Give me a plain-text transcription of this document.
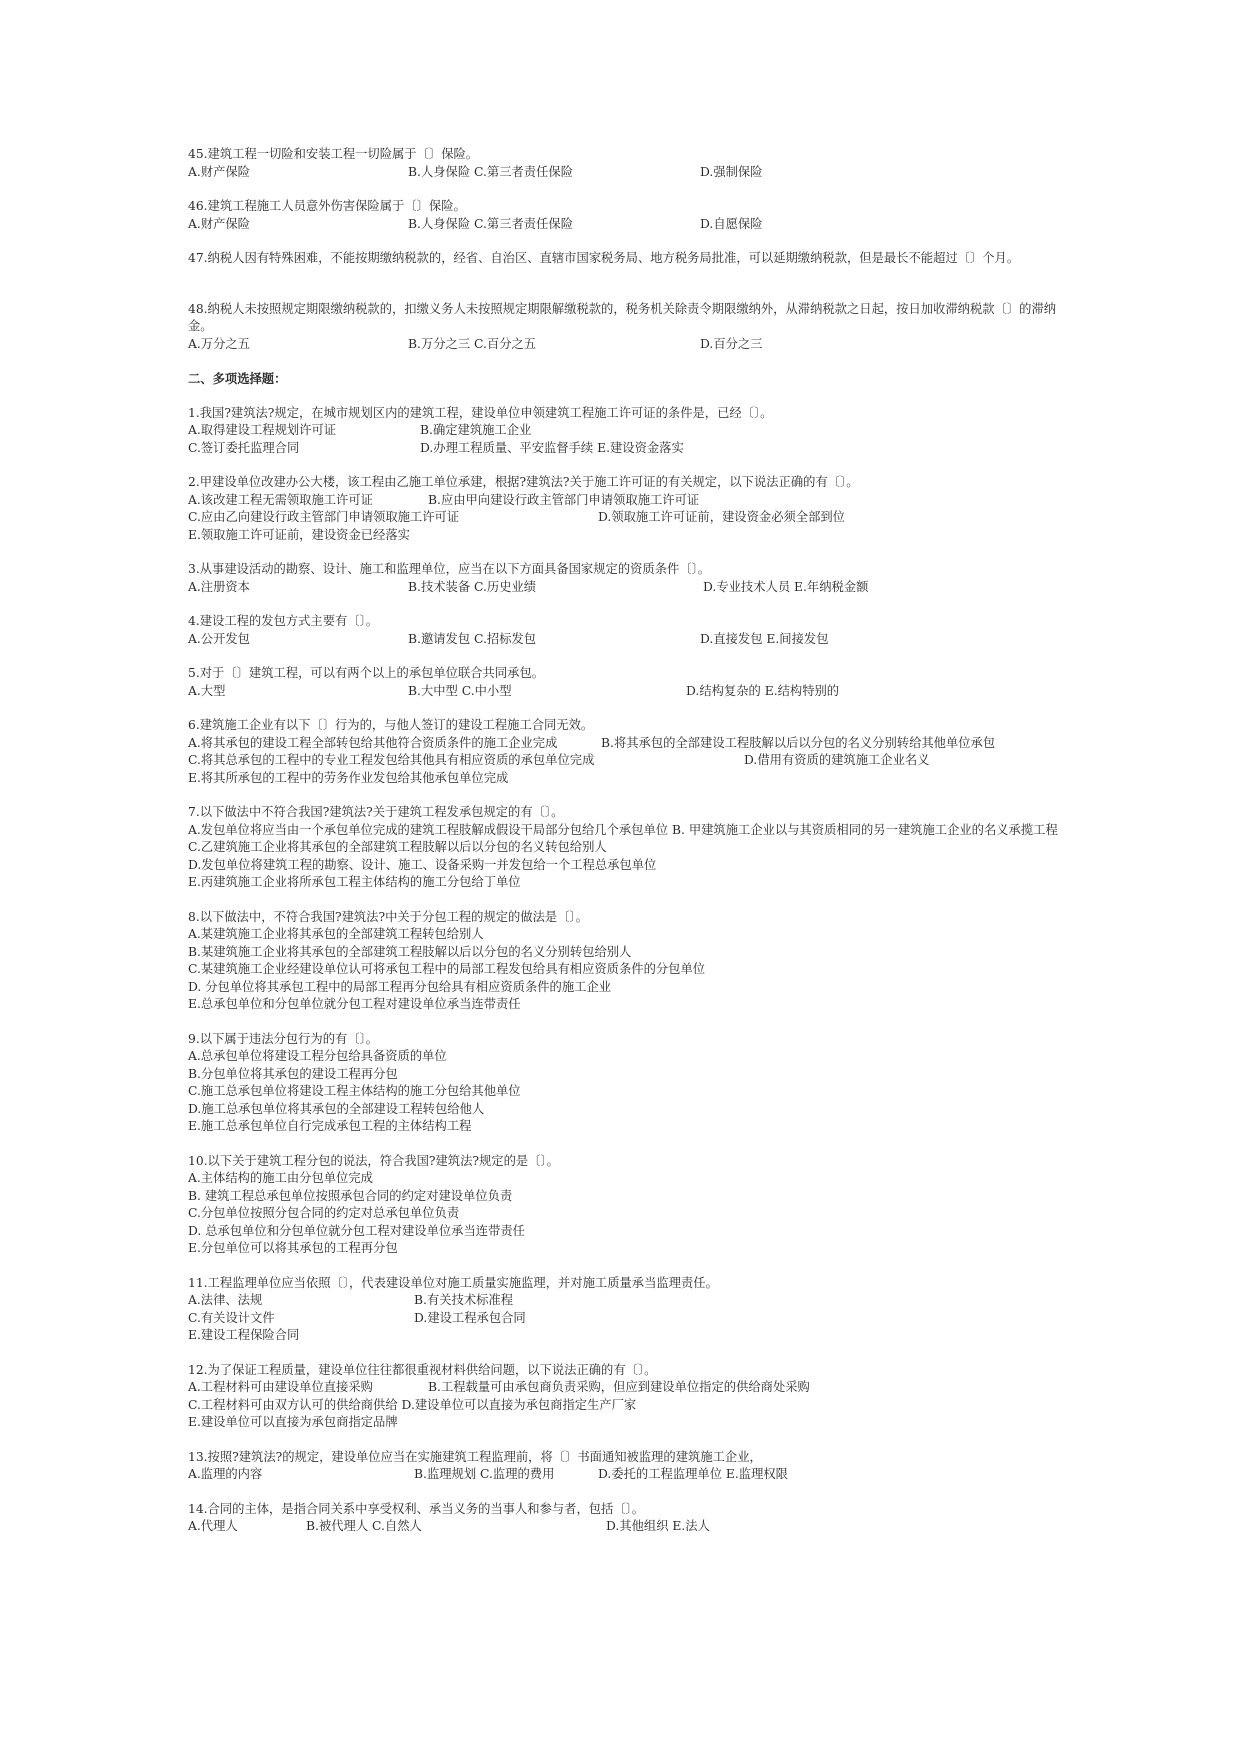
45.建筑工程一切险和安装工程一切险属于〔〕保险。
A.财产保险	B.人身保险 C.第三者责任保险	D.强制保险
46.建筑工程施工人员意外伤害保险属于〔〕保险。
A.财产保险	B.人身保险 C.第三者责任保险	D.自愿保险
47.纳税人因有特殊困难，不能按期缴纳税款的，经省、自治区、直辖市国家税务局、地方税务局批准，可以延期缴纳税款，但是最长不能超过〔〕个月。
48.纳税人未按照规定期限缴纳税款的，扣缴义务人未按照规定期限解缴税款的，税务机关除责令期限缴纳外，从滞纳税款之日起，按日加收滞纳税款〔〕的滞纳金。
A.万分之五	B.万分之三 C.百分之五	D.百分之三
二、多项选择题：
1.我国?建筑法?规定，在城市规划区内的建筑工程，建设单位申领建筑工程施工许可证的条件是，已经〔〕。
A.取得建设工程规划许可证	B.确定建筑施工企业
C.签订委托监理合同	D.办理工程质量、平安监督手续 E.建设资金落实
2.甲建设单位改建办公大楼，该工程由乙施工单位承建，根据?建筑法?关于施工许可证的有关规定，以下说法正确的有〔〕。
A.该改建工程无需领取施工许可证	B.应由甲向建设行政主管部门申请领取施工许可证
C.应由乙向建设行政主管部门申请领取施工许可证	D.领取施工许可证前，建设资金必须全部到位
E.领取施工许可证前，建设资金已经落实
3.从事建设活动的勘察、设计、施工和监理单位，应当在以下方面具备国家规定的资质条件〔〕。
A.注册资本	B.技术装备 C.历史业绩	D.专业技术人员 E.年纳税金额
4.建设工程的发包方式主要有〔〕。
A.公开发包	B.邀请发包 C.招标发包	D.直接发包 E.间接发包
5.对于〔〕建筑工程，可以有两个以上的承包单位联合共同承包。
A.大型	B.大中型 C.中小型	D.结构复杂的 E.结构特别的
6.建筑施工企业有以下〔〕行为的，与他人签订的建设工程施工合同无效。
A.将其承包的建设工程全部转包给其他符合资质条件的施工企业完成	B.将其承包的全部建设工程肢解以后以分包的名义分别转给其他单位承包
C.将其总承包的工程中的专业工程发包给其他具有相应资质的承包单位完成	D.借用有资质的建筑施工企业名义
E.将其所承包的工程中的劳务作业发包给其他承包单位完成
7.以下做法中不符合我国?建筑法?关于建筑工程发承包规定的有〔〕。
A.发包单位将应当由一个承包单位完成的建筑工程肢解成假设干局部分包给几个承包单位 B. 甲建筑施工企业以与其资质相同的另一建筑施工企业的名义承揽工程
C.乙建筑施工企业将其承包的全部建筑工程肢解以后以分包的名义转包给别人
D.发包单位将建筑工程的勘察、设计、施工、设备采购一并发包给一个工程总承包单位
E.丙建筑施工企业将所承包工程主体结构的施工分包给丁单位
8.以下做法中，不符合我国?建筑法?中关于分包工程的规定的做法是〔〕。
A.某建筑施工企业将其承包的全部建筑工程转包给别人
B.某建筑施工企业将其承包的全部建筑工程肢解以后以分包的名义分别转包给别人
C.某建筑施工企业经建设单位认可将承包工程中的局部工程发包给具有相应资质条件的分包单位
D. 分包单位将其承包工程中的局部工程再分包给具有相应资质条件的施工企业
E.总承包单位和分包单位就分包工程对建设单位承当连带责任
9.以下属于违法分包行为的有〔〕。
A.总承包单位将建设工程分包给具备资质的单位
B.分包单位将其承包的建设工程再分包
C.施工总承包单位将建设工程主体结构的施工分包给其他单位
D.施工总承包单位将其承包的全部建设工程转包给他人
E.施工总承包单位自行完成承包工程的主体结构工程
10.以下关于建筑工程分包的说法，符合我国?建筑法?规定的是〔〕。
A.主体结构的施工由分包单位完成
B. 建筑工程总承包单位按照承包合同的约定对建设单位负责
C.分包单位按照分包合同的约定对总承包单位负责
D. 总承包单位和分包单位就分包工程对建设单位承当连带责任
E.分包单位可以将其承包的工程再分包
11.工程监理单位应当依照〔〕，代表建设单位对施工质量实施监理，并对施工质量承当监理责任。
A.法律、法规	B.有关技术标准程
C.有关设计文件	D.建设工程承包合同
E.建设工程保险合同
12.为了保证工程质量，建设单位往往都很重视材料供给问题，以下说法正确的有〔〕。
A.工程材料可由建设单位直接采购	B.工程载量可由承包商负责采购，但应到建设单位指定的供给商处采购
C.工程材料可由双方认可的供给商供给 D.建设单位可以直接为承包商指定生产厂家
E.建设单位可以直接为承包商指定品牌
13.按照?建筑法?的规定，建设单位应当在实施建筑工程监理前，将〔〕书面通知被监理的建筑施工企业，
A.监理的内容	B.监理规划 C.监理的费用	D.委托的工程监理单位 E.监理权限
14.合同的主体，是指合同关系中享受权利、承当义务的当事人和参与者，包括〔〕。
A.代理人	B.被代理人 C.自然人	D.其他组织 E.法人
